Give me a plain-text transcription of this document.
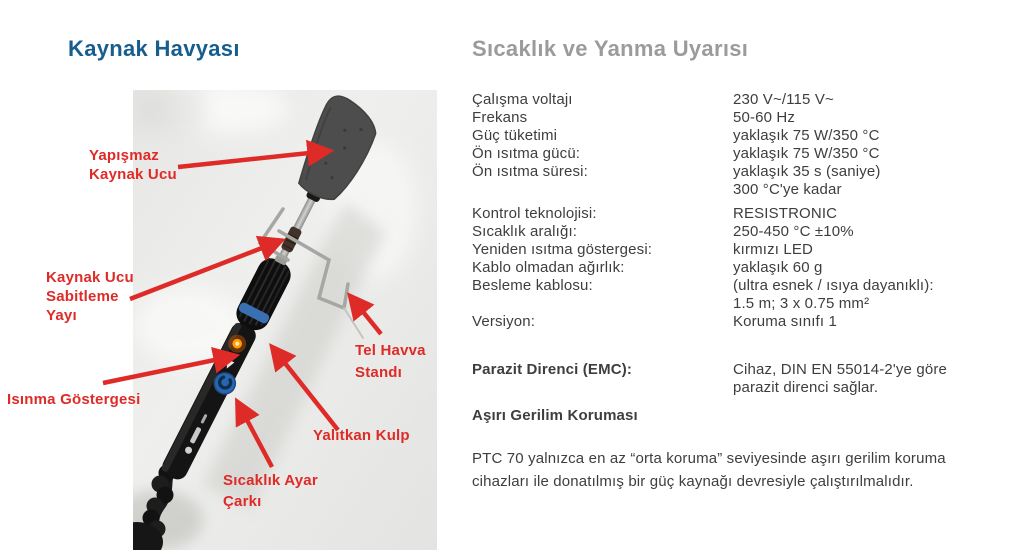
Kaynak Havyası	Sıcaklık ve Yanma Uyarısı
Yapışmaz
Kaynak Ucu
Kaynak Ucu
Sabitleme
Yayı
Isınma Göstergesi
Tel Havva
Standı
Yalıtkan Kulp
Sıcaklık Ayar
Çarkı
Çalışma voltajı	230 V~/115 V~
Frekans	50-60 Hz
Güç tüketimi	yaklaşık 75 W/350 °C
Ön ısıtma gücü:	yaklaşık 75 W/350 °C
Ön ısıtma süresi:	yaklaşık 35 s (saniye)
300 °C'ye kadar
Kontrol teknolojisi:	RESISTRONIC
Sıcaklık aralığı:	250-450 °C ±10%
Yeniden ısıtma göstergesi:	kırmızı LED
Kablo olmadan ağırlık:	yaklaşık 60 g
Besleme kablosu:	(ultra esnek / ısıya dayanıklı):
1.5 m; 3 x 0.75 mm²
Versiyon:	Koruma sınıfı 1
Parazit Direnci (EMC):	Cihaz, DIN EN 55014-2'ye göre
parazit direnci sağlar.
Aşırı Gerilim Koruması
PTC 70 yalnızca en az “orta koruma” seviyesinde aşırı gerilim koruma cihazları ile donatılmış bir güç kaynağı devresiyle çalıştırılmalıdır.
